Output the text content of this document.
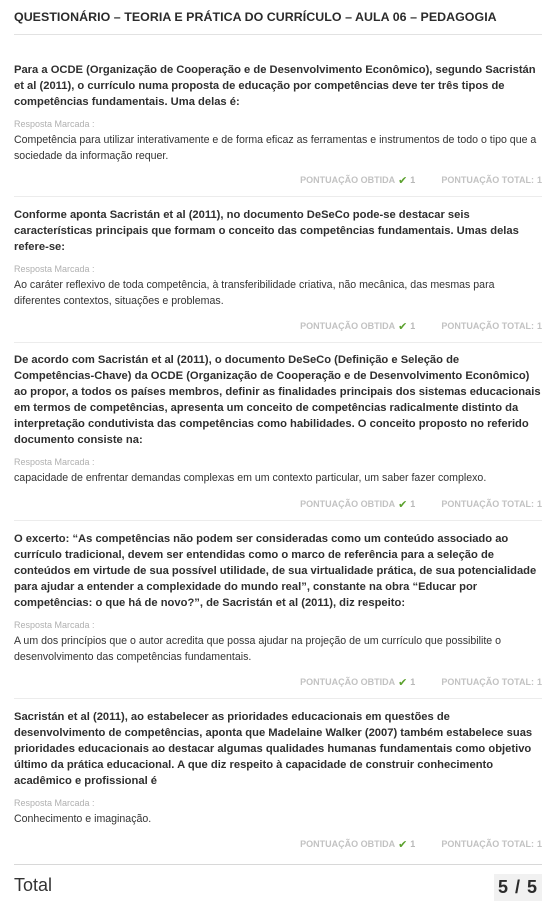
QUESTIONÁRIO – TEORIA E PRÁTICA DO CURRÍCULO – AULA 06 – PEDAGOGIA

Para a OCDE (Organização de Cooperação e de Desenvolvimento Econômico), segundo Sacristán et al (2011), o currículo numa proposta de educação por competências deve ter três tipos de competências fundamentais. Uma delas é:

Resposta Marcada :
Competência para utilizar interativamente e de forma eficaz as ferramentas e instrumentos de todo o tipo que a sociedade da informação requer.
PONTUAÇÃO OBTIDA ✔ 1	PONTUAÇÃO TOTAL: 1

Conforme aponta Sacristán et al (2011), no documento DeSeCo pode-se destacar seis características principais que formam o conceito das competências fundamentais. Umas delas refere-se:

Resposta Marcada :
Ao caráter reflexivo de toda competência, à transferibilidade criativa, não mecânica, das mesmas para diferentes contextos, situações e problemas.
PONTUAÇÃO OBTIDA ✔ 1	PONTUAÇÃO TOTAL: 1

De acordo com Sacristán et al (2011), o documento DeSeCo (Definição e Seleção de Competências-Chave) da OCDE (Organização de Cooperação e de Desenvolvimento Econômico) ao propor, a todos os países membros, definir as finalidades principais dos sistemas educacionais em termos de competências, apresenta um conceito de competências radicalmente distinto da interpretação condutivista das competências como habilidades. O conceito proposto no referido documento consiste na:

Resposta Marcada :
capacidade de enfrentar demandas complexas em um contexto particular, um saber fazer complexo.
PONTUAÇÃO OBTIDA ✔ 1	PONTUAÇÃO TOTAL: 1

O excerto: “As competências não podem ser consideradas como um conteúdo associado ao currículo tradicional, devem ser entendidas como o marco de referência para a seleção de conteúdos em virtude de sua possível utilidade, de sua virtualidade prática, de sua potencialidade para ajudar a entender a complexidade do mundo real”, constante na obra “Educar por competências: o que há de novo?”, de Sacristán et al (2011), diz respeito:

Resposta Marcada :
A um dos princípios que o autor acredita que possa ajudar na projeção de um currículo que possibilite o desenvolvimento das competências fundamentais.
PONTUAÇÃO OBTIDA ✔ 1	PONTUAÇÃO TOTAL: 1

Sacristán et al (2011), ao estabelecer as prioridades educacionais em questões de desenvolvimento de competências, aponta que Madelaine Walker (2007) também estabelece suas prioridades educacionais ao destacar algumas qualidades humanas fundamentais como objetivo último da prática educacional. A que diz respeito à capacidade de construir conhecimento acadêmico e profissional é

Resposta Marcada :
Conhecimento e imaginação.
PONTUAÇÃO OBTIDA ✔ 1	PONTUAÇÃO TOTAL: 1
Total	5 / 5
